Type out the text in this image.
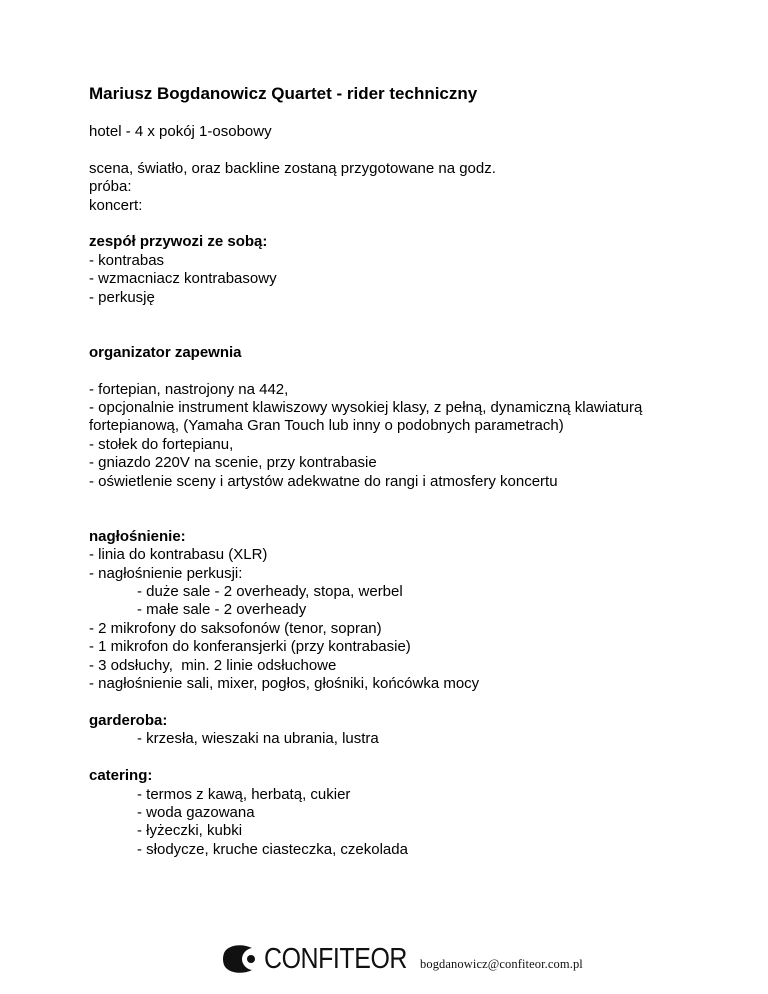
Mariusz Bogdanowicz Quartet - rider techniczny
hotel - 4 x pokój 1-osobowy
scena, światło, oraz backline zostaną przygotowane na godz.
próba:
koncert:
zespół przywozi ze sobą:
- kontrabas
- wzmacniacz kontrabasowy
- perkusję
organizator zapewnia
- fortepian, nastrojony na 442,
- opcjonalnie instrument klawiszowy wysokiej klasy, z pełną, dynamiczną klawiaturą
fortepianową, (Yamaha Gran Touch lub inny o podobnych parametrach)
- stołek do fortepianu,
- gniazdo 220V na scenie, przy kontrabasie
- oświetlenie sceny i artystów adekwatne do rangi i atmosfery koncertu
nagłośnienie:
- linia do kontrabasu (XLR)
- nagłośnienie perkusji:
- duże sale - 2 overheady, stopa, werbel
- małe sale - 2 overheady
- 2 mikrofony do saksofonów (tenor, sopran)
- 1 mikrofon do konferansjerki (przy kontrabasie)
- 3 odsłuchy,  min. 2 linie odsłuchowe
- nagłośnienie sali, mixer, pogłos, głośniki, końcówka mocy
garderoba:
- krzesła, wieszaki na ubrania, lustra
catering:
- termos z kawą, herbatą, cukier
- woda gazowana
- łyżeczki, kubki
- słodycze, kruche ciasteczka, czekolada
CONFITEOR bogdanowicz@confiteor.com.pl
